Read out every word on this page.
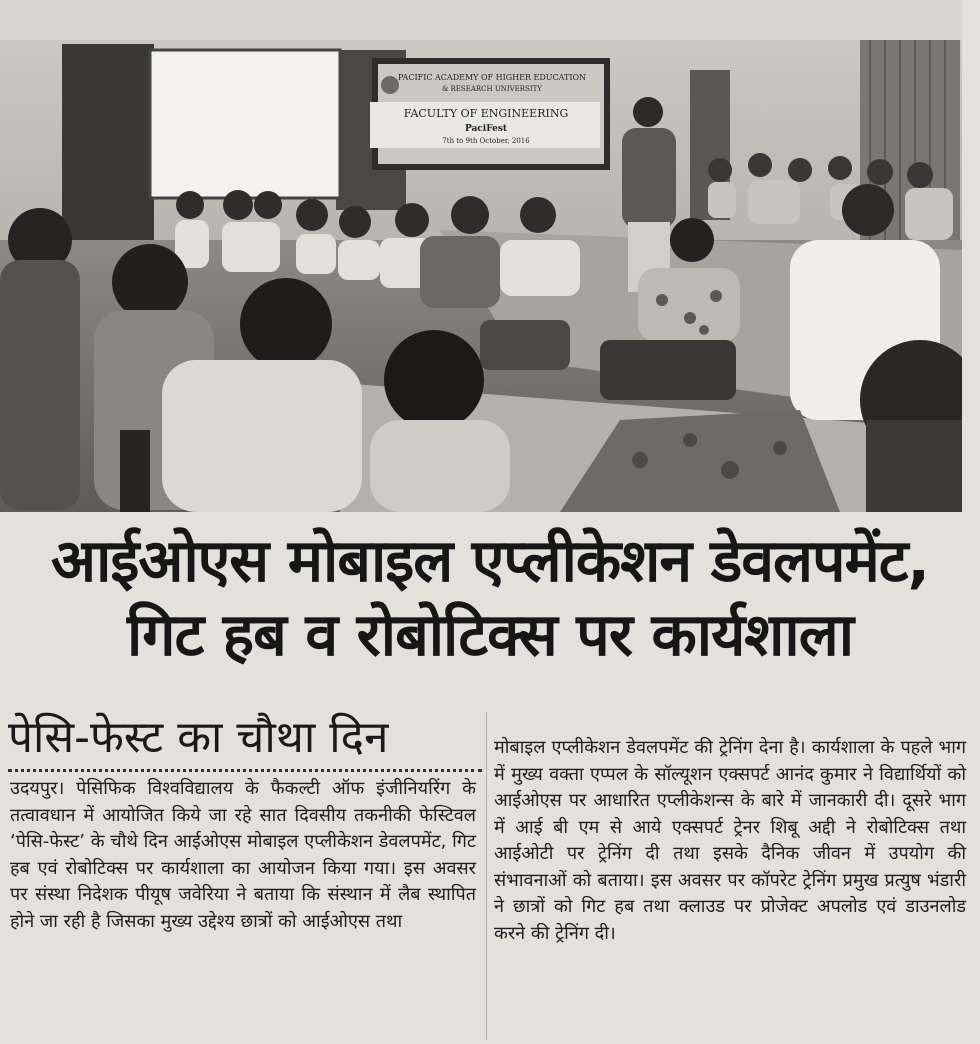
PACIFIC ACADEMY OF HIGHER EDUCATION
& RESEARCH UNIVERSITY
FACULTY OF ENGINEERING
PaciFest
7th to 9th October, 2016
आईओएस मोबाइल एप्लीकेशन डेवलपमेंट,
गिट हब व रोबोटिक्स पर कार्यशाला
पेसि-फेस्ट का चौथा दिन

उदयपुर। पेसिफिक विश्वविद्यालय के फैकल्टी ऑफ इंजीनियरिंग के तत्वावधान में आयोजित किये जा रहे सात दिवसीय तकनीकी फेस्टिवल ‘पेसि-फेस्ट’ के चौथे दिन आईओएस मोबाइल एप्लीकेशन डेवलपमेंट, गिट हब एवं रोबोटिक्स पर कार्यशाला का आयोजन किया गया। इस अवसर पर संस्था निदेशक पीयूष जवेरिया ने बताया कि संस्थान में लैब स्थापित होने जा रही है जिसका मुख्य उद्देश्य छात्रों को आईओएस तथा

मोबाइल एप्लीकेशन डेवलपमेंट की ट्रेनिंग देना है। कार्यशाला के पहले भाग में मुख्य वक्ता एप्पल के सॉल्यूशन एक्सपर्ट आनंद कुमार ने विद्यार्थियों को आईओएस पर आधारित एप्लीकेशन्स के बारे में जानकारी दी। दूसरे भाग में आई बी एम से आये एक्सपर्ट ट्रेनर शिबू अद्दी ने रोबोटिक्स तथा आईओटी पर ट्रेनिंग दी तथा इसके दैनिक जीवन में उपयोग की संभावनाओं को बताया। इस अवसर पर कॉपरेट ट्रेनिंग प्रमुख प्रत्युष भंडारी ने छात्रों को गिट हब तथा क्लाउड पर प्रोजेक्ट अपलोड एवं डाउनलोड करने की ट्रेनिंग दी।
